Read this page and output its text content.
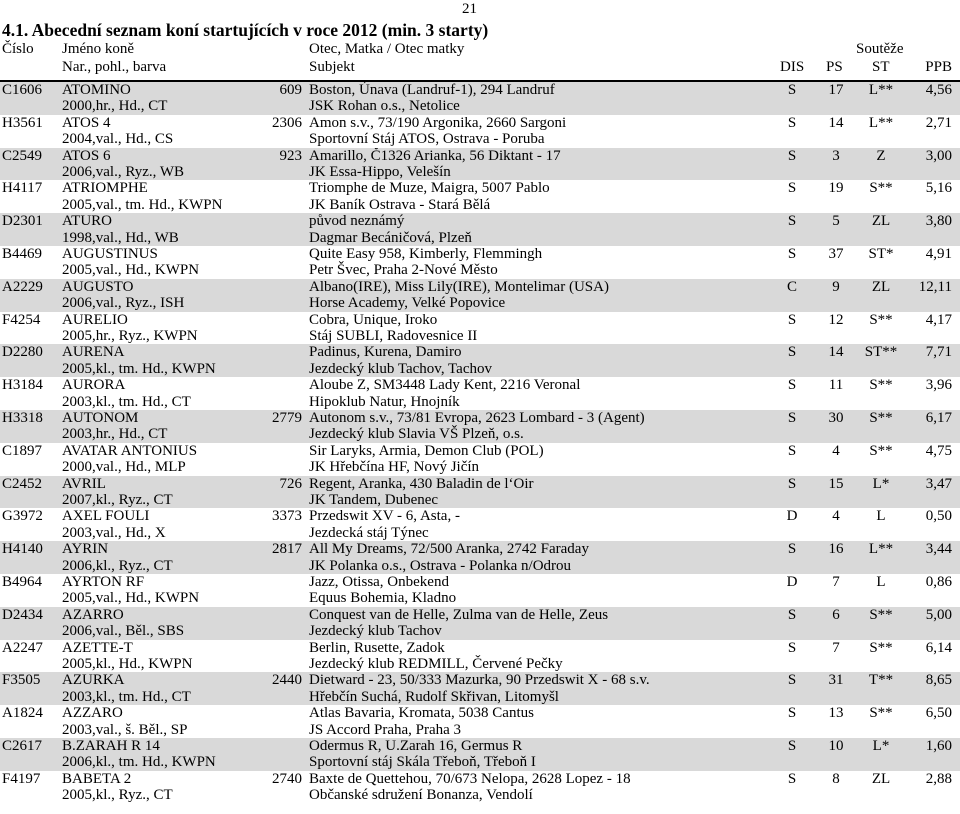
21
4.1. Abecední seznam koní startujících v roce 2012 (min. 3 starty)
Číslo Jméno koně
Nar., pohl., barva
Otec, Matka / Otec matky
Subjekt
Soutěže
DIS PS ST PPB
C1606 ATOMINO
2000,hr., Hd., CT
609 Boston, Únava (Landruf-1), 294 Landruf
JSK Rohan o.s., Netolice
S	17	L**	4,56
H3561 ATOS 4
2004,val., Hd., CS
2306 Amon s.v., 73/190 Argonika, 2660 Sargoni
Sportovní Stáj ATOS, Ostrava - Poruba
S	14	L**	2,71
C2549 ATOS 6
2006,val., Ryz., WB
923 Amarillo, Č1326 Arianka, 56 Diktant - 17
JK Essa-Hippo, Velešín
S	3	Z	3,00
H4117 ATRIOMPHE
2005,val., tm. Hd., KWPN
Triomphe de Muze, Maigra, 5007 Pablo
JK Baník Ostrava - Stará Bělá
S	19	S**	5,16
D2301 ATURO
1998,val., Hd., WB
původ neznámý
Dagmar Becáničová, Plzeň
S	5	ZL	3,80
B4469 AUGUSTINUS
2005,val., Hd., KWPN
Quite Easy 958, Kimberly, Flemmingh
Petr Švec, Praha 2-Nové Město
S	37	ST*	4,91
A2229 AUGUSTO
2006,val., Ryz., ISH
Albano(IRE), Miss Lily(IRE), Montelimar (USA)
Horse Academy, Velké Popovice
C	9	ZL	12,11
F4254 AURELIO
2005,hr., Ryz., KWPN
Cobra, Unique, Iroko
Stáj SUBLI, Radovesnice II
S	12	S**	4,17
D2280 AURENA
2005,kl., tm. Hd., KWPN
Padinus, Kurena, Damiro
Jezdecký klub Tachov, Tachov
S	14	ST**	7,71
H3184 AURORA
2003,kl., tm. Hd., CT
Aloube Z, SM3448 Lady Kent, 2216 Veronal
Hipoklub Natur, Hnojník
S	11	S**	3,96
H3318 AUTONOM
2003,hr., Hd., CT
2779 Autonom s.v., 73/81 Evropa, 2623 Lombard - 3 (Agent)
Jezdecký klub Slavia VŠ Plzeň, o.s.
S	30	S**	6,17
C1897 AVATAR ANTONIUS
2000,val., Hd., MLP
Sir Laryks, Armia, Demon Club (POL)
JK Hřebčína HF, Nový Jičín
S	4	S**	4,75
C2452 AVRIL
2007,kl., Ryz., CT
726 Regent, Aranka, 430 Baladin de l‘Oir
JK Tandem, Dubenec
S	15	L*	3,47
G3972 AXEL FOULI
2003,val., Hd., X
3373 Przedswit XV - 6, Asta, -
Jezdecká stáj Týnec
D	4	L	0,50
H4140 AYRIN
2006,kl., Ryz., CT
2817 All My Dreams, 72/500 Aranka, 2742 Faraday
JK Polanka o.s., Ostrava - Polanka n/Odrou
S	16	L**	3,44
B4964 AYRTON RF
2005,val., Hd., KWPN
Jazz, Otissa, Onbekend
Equus Bohemia, Kladno
D	7	L	0,86
D2434 AZARRO
2006,val., Běl., SBS
Conquest van de Helle, Zulma van de Helle, Zeus
Jezdecký klub Tachov
S	6	S**	5,00
A2247 AZETTE-T
2005,kl., Hd., KWPN
Berlin, Rusette, Zadok
Jezdecký klub REDMILL, Červené Pečky
S	7	S**	6,14
F3505 AZURKA
2003,kl., tm. Hd., CT
2440 Dietward - 23, 50/333 Mazurka, 90 Przedswit X - 68 s.v.
Hřebčín Suchá, Rudolf Skřivan, Litomyšl
S	31	T**	8,65
A1824 AZZARO
2003,val., š. Běl., SP
Atlas Bavaria, Kromata, 5038 Cantus
JS Accord Praha, Praha 3
S	13	S**	6,50
C2617 B.ZARAH R 14
2006,kl., tm. Hd., KWPN
Odermus R, U.Zarah 16, Germus R
Sportovní stáj Skála Třeboň, Třeboň I
S	10	L*	1,60
F4197 BABETA 2
2005,kl., Ryz., CT
2740 Baxte de Quettehou, 70/673 Nelopa, 2628 Lopez - 18
Občanské sdružení Bonanza, Vendolí
S	8	ZL	2,88
